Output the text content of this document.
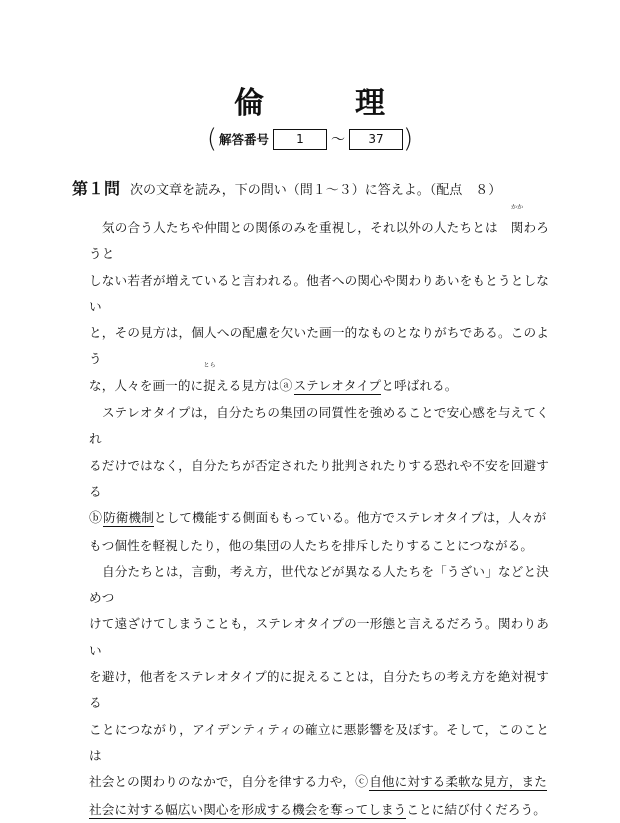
倫	理
( 解答番号	1	～	37 )
第１問 次の文章を読み，下の問い（問１～３）に答えよ。（配点　８）

気の合う人たちや仲間との関係のみを重視し，それ以外の人たちとは 関
かか
わろうと
しない若者が増えていると言われる。他者への関心や関わりあいをもとうとしない
と，その見方は，個人への配慮を欠いた画一的なものとなりがちである。このよう
な，人々を画一的に捉
とら
える見方はⓐステレオタイプと呼ばれる。

ステレオタイプは，自分たちの集団の同質性を強めることで安心感を与えてくれ
るだけではなく，自分たちが否定されたり批判されたりする恐れや不安を回避する
ⓑ防衛機制として機能する側面ももっている。他方でステレオタイプは，人々が
もつ個性を軽視したり，他の集団の人たちを排斥したりすることにつながる。

自分たちとは，言動，考え方，世代などが異なる人たちを「うざい」などと決めつ
けて遠ざけてしまうことも，ステレオタイプの一形態と言えるだろう。関わりあい
を避け，他者をステレオタイプ的に捉えることは，自分たちの考え方を絶対視する
ことにつながり，アイデンティティの確立に悪影響を及ぼす。そして，このことは
社会との関わりのなかで，自分を律する力や，ⓒ自他に対する柔軟な見方，また
社会に対する幅広い関心を形成する機会を奪ってしまうことに結び付くだろう。
